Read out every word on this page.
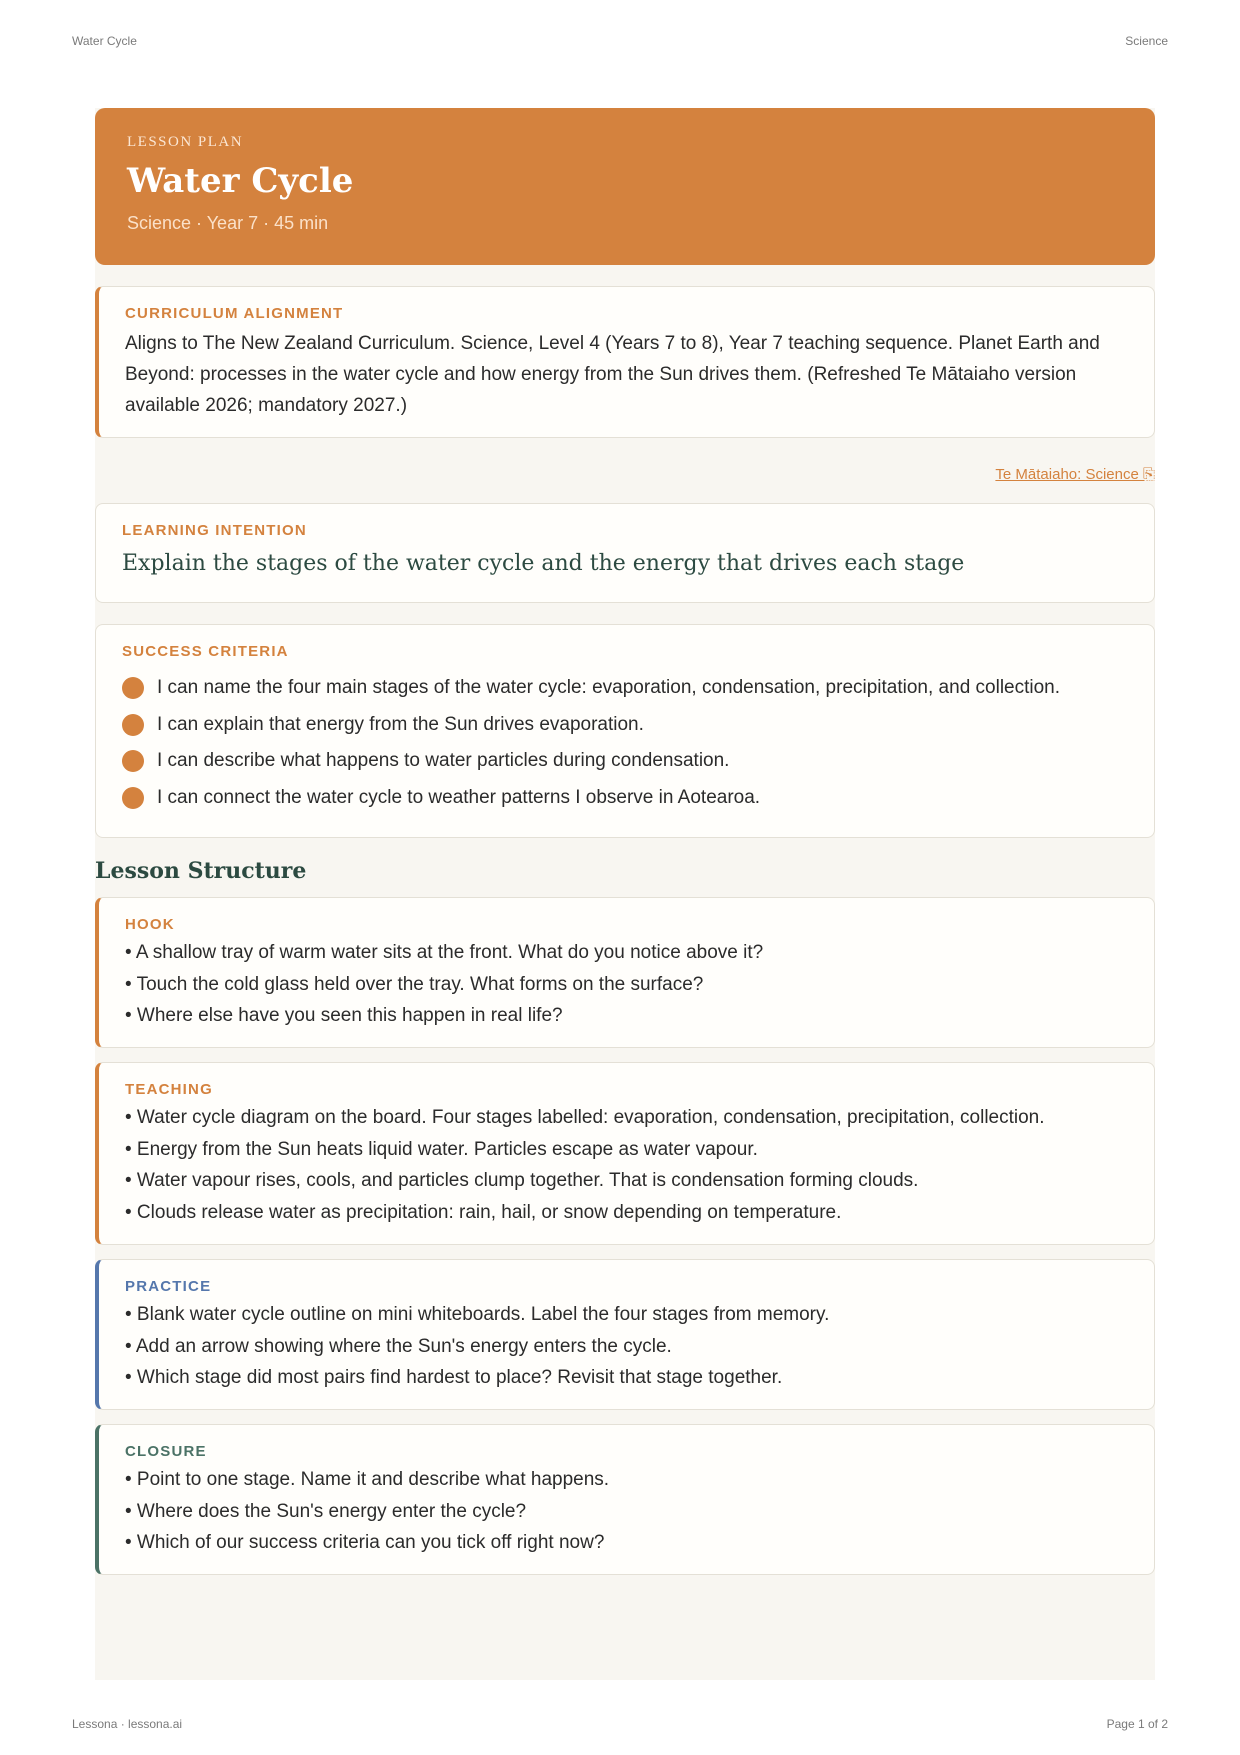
Water Cycle	Science
LESSON PLAN
Water Cycle
Science · Year 7 · 45 min
CURRICULUM ALIGNMENT

Aligns to The New Zealand Curriculum. Science, Level 4 (Years 7 to 8), Year 7 teaching sequence. Planet Earth and Beyond: processes in the water cycle and how energy from the Sun drives them. (Refreshed Te Mātaiaho version available 2026; mandatory 2027.)

Te Mātaiaho: Science ⎘
LEARNING INTENTION

Explain the stages of the water cycle and the energy that drives each stage

SUCCESS CRITERIA
I can name the four main stages of the water cycle: evaporation, condensation, precipitation, and collection.
I can explain that energy from the Sun drives evaporation.
I can describe what happens to water particles during condensation.
I can connect the water cycle to weather patterns I observe in Aotearoa.
Lesson Structure
HOOK
• A shallow tray of warm water sits at the front. What do you notice above it?
• Touch the cold glass held over the tray. What forms on the surface?
• Where else have you seen this happen in real life?
TEACHING
• Water cycle diagram on the board. Four stages labelled: evaporation, condensation, precipitation, collection.
• Energy from the Sun heats liquid water. Particles escape as water vapour.
• Water vapour rises, cools, and particles clump together. That is condensation forming clouds.
• Clouds release water as precipitation: rain, hail, or snow depending on temperature.
PRACTICE
• Blank water cycle outline on mini whiteboards. Label the four stages from memory.
• Add an arrow showing where the Sun's energy enters the cycle.
• Which stage did most pairs find hardest to place? Revisit that stage together.
CLOSURE
• Point to one stage. Name it and describe what happens.
• Where does the Sun's energy enter the cycle?
• Which of our success criteria can you tick off right now?
Lessona · lessona.ai	Page 1 of 2
